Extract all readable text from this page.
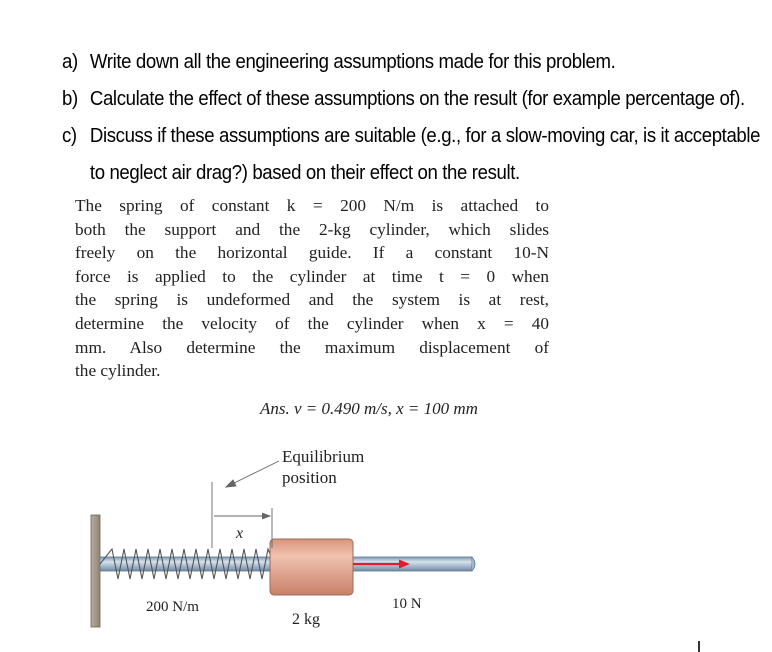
a) Write down all the engineering assumptions made for this problem.
b) Calculate the effect of these assumptions on the result (for example percentage of).
c) Discuss if these assumptions are suitable (e.g., for a slow-moving car, is it acceptable
to neglect air drag?) based on their effect on the result.
The spring of constant k = 200 N/m is attached to
both the support and the 2-kg cylinder, which slides
freely on the horizontal guide. If a constant 10-N
force is applied to the cylinder at time t = 0 when
the spring is undeformed and the system is at rest,
determine the velocity of the cylinder when x = 40
mm. Also determine the maximum displacement of
the cylinder.
Ans. v = 0.490 m/s, x = 100 mm
Equilibrium
position
x
200 N/m
2 kg
10 N
